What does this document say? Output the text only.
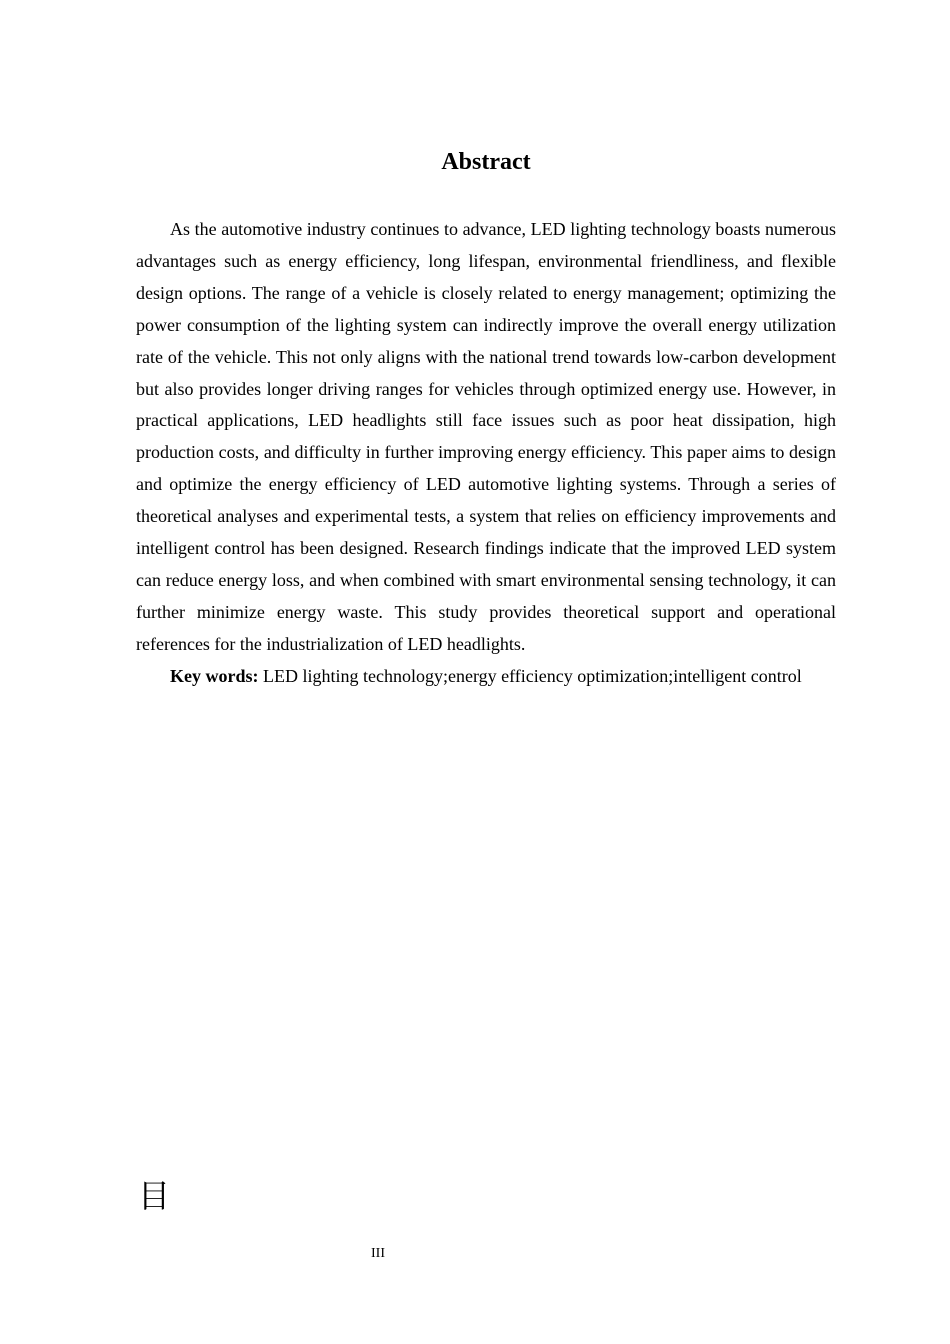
Abstract

As the automotive industry continues to advance, LED lighting technology boasts numerous advantages such as energy efficiency, long lifespan, environmental friendliness, and flexible design options. The range of a vehicle is closely related to energy management; optimizing the power consumption of the lighting system can indirectly improve the overall energy utilization rate of the vehicle. This not only aligns with the national trend towards low-carbon development but also provides longer driving ranges for vehicles through optimized energy use. However, in practical applications, LED headlights still face issues such as poor heat dissipation, high production costs, and difficulty in further improving energy efficiency. This paper aims to design and optimize the energy efficiency of LED automotive lighting systems. Through a series of theoretical analyses and experimental tests, a system that relies on efficiency improvements and intelligent control has been designed. Research findings indicate that the improved LED system can reduce energy loss, and when combined with smart environmental sensing technology, it can further minimize energy waste. This study provides theoretical support and operational references for the industrialization of LED headlights.

Key words: LED lighting technology;energy efficiency optimization;intelligent control

目
III
